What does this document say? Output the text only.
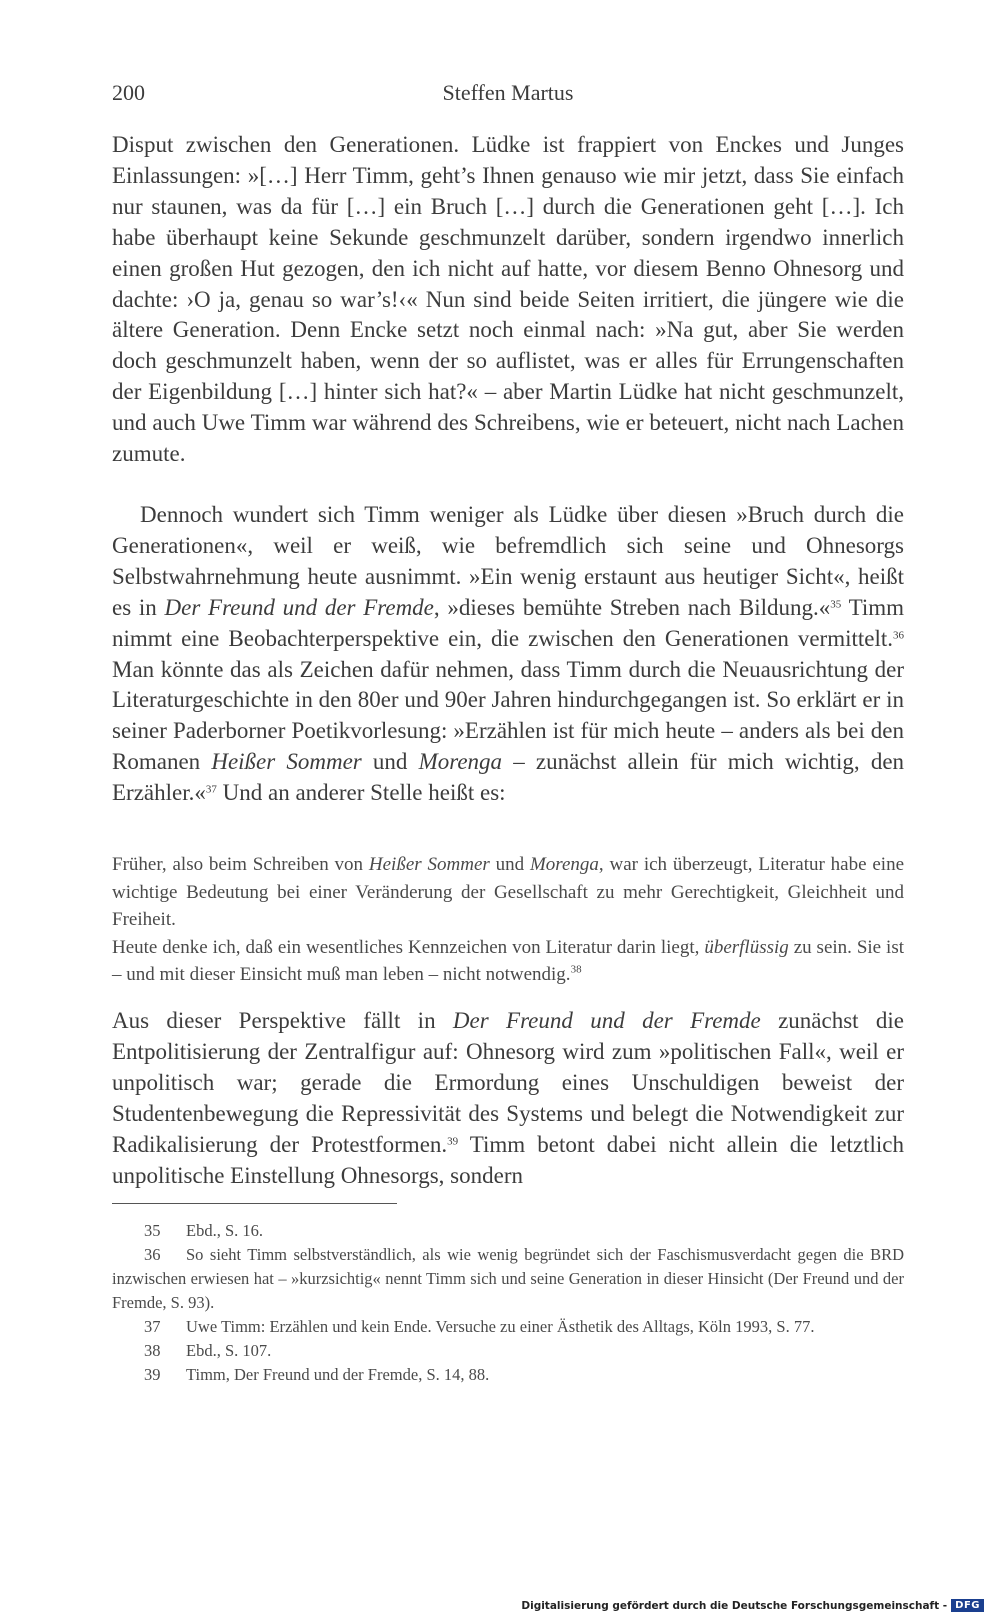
200	Steffen Martus

Disput zwischen den Generationen. Lüdke ist frappiert von Enckes und Junges Einlassungen: »[…] Herr Timm, geht’s Ihnen genauso wie mir jetzt, dass Sie einfach nur staunen, was da für […] ein Bruch […] durch die Generationen geht […]. Ich habe überhaupt keine Sekunde geschmunzelt darüber, sondern irgendwo innerlich einen großen Hut gezogen, den ich nicht auf hatte, vor diesem Benno Ohnesorg und dachte: ›O ja, genau so war’s!‹« Nun sind beide Seiten irritiert, die jüngere wie die ältere Generation. Denn Encke setzt noch einmal nach: »Na gut, aber Sie werden doch geschmunzelt haben, wenn der so auflistet, was er alles für Errungenschaften der Eigenbildung […] hinter sich hat?« – aber Martin Lüdke hat nicht geschmunzelt, und auch Uwe Timm war während des Schreibens, wie er beteuert, nicht nach Lachen zumute.

Dennoch wundert sich Timm weniger als Lüdke über diesen »Bruch durch die Generationen«, weil er weiß, wie befremdlich sich seine und Ohnesorgs Selbstwahrnehmung heute ausnimmt. »Ein wenig erstaunt aus heutiger Sicht«, heißt es in Der Freund und der Fremde, »dieses bemühte Streben nach Bildung.«$^{35}$ Timm nimmt eine Beobachterperspektive ein, die zwischen den Generationen vermittelt.$^{36}$ Man könnte das als Zeichen dafür nehmen, dass Timm durch die Neuausrichtung der Literaturgeschichte in den 80er und 90er Jahren hindurchgegangen ist. So erklärt er in seiner Paderborner Poetikvorlesung: »Erzählen ist für mich heute – anders als bei den Romanen Heißer Sommer und Morenga – zunächst allein für mich wichtig, den Erzähler.«$^{37}$ Und an anderer Stelle heißt es:

Früher, also beim Schreiben von Heißer Sommer und Morenga, war ich überzeugt, Literatur habe eine wichtige Bedeutung bei einer Veränderung der Gesellschaft zu mehr Gerechtigkeit, Gleichheit und Freiheit.

Heute denke ich, daß ein wesentliches Kennzeichen von Literatur darin liegt, überflüssig zu sein. Sie ist – und mit dieser Einsicht muß man leben – nicht notwendig.$^{38}$

Aus dieser Perspektive fällt in Der Freund und der Fremde zunächst die Entpolitisierung der Zentralfigur auf: Ohnesorg wird zum »politischen Fall«, weil er unpolitisch war; gerade die Ermordung eines Unschuldigen beweist der Studentenbewegung die Repressivität des Systems und belegt die Notwendigkeit zur Radikalisierung der Protestformen.$^{39}$ Timm betont dabei nicht allein die letztlich unpolitische Einstellung Ohnesorgs, sondern

35 Ebd., S. 16.

36 So sieht Timm selbstverständlich, als wie wenig begründet sich der Faschismusverdacht gegen die BRD inzwischen erwiesen hat – »kurzsichtig« nennt Timm sich und seine Generation in dieser Hinsicht (Der Freund und der Fremde, S. 93).

37 Uwe Timm: Erzählen und kein Ende. Versuche zu einer Ästhetik des Alltags, Köln 1993, S. 77.

38 Ebd., S. 107.

39 Timm, Der Freund und der Fremde, S. 14, 88.

Digitalisierung gefördert durch die Deutsche Forschungsgemeinschaft - DFG
